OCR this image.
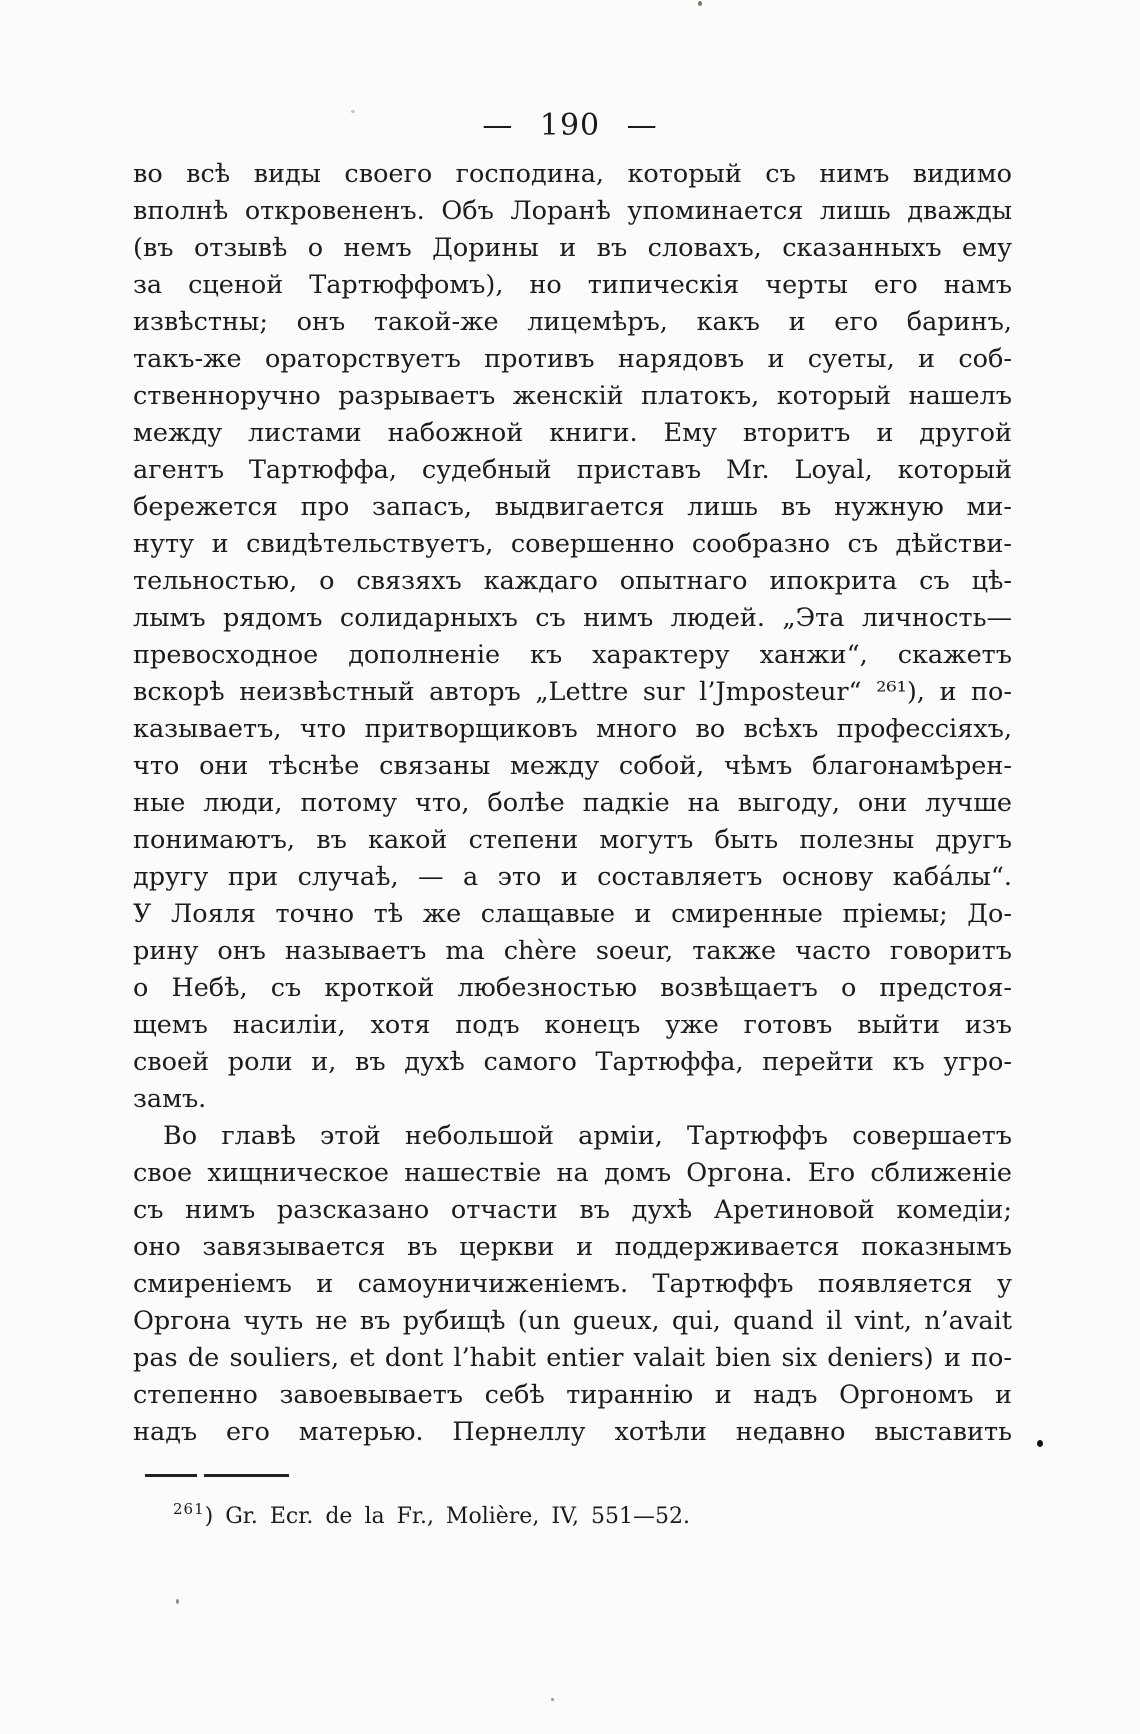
— 190 —

во всѣ виды своего господина, который съ нимъ видимо

вполнѣ откровененъ. Объ Лоранѣ упоминается лишь дважды

(въ отзывѣ о немъ Дорины и въ словахъ, сказанныхъ ему

за сценой Тартюффомъ), но типическія черты его намъ

извѣстны; онъ такой-же лицемѣръ, какъ и его баринъ,

такъ-же ораторствуетъ противъ нарядовъ и суеты, и соб-

ственноручно разрываетъ женскій платокъ, который нашелъ

между листами набожной книги. Ему вторитъ и другой

агентъ Тартюффа, судебный приставъ Mr. Loyal, который

бережется про запасъ, выдвигается лишь въ нужную ми-

нуту и свидѣтельствуетъ, совершенно сообразно съ дѣйстви-

тельностью, о связяхъ каждаго опытнаго ипокрита съ цѣ-

лымъ рядомъ солидарныхъ съ нимъ людей. „Эта личность—

превосходное дополненіе къ характеру ханжи“, скажетъ

вскорѣ неизвѣстный авторъ „Lettre sur l’Jmposteur“ ²⁶¹), и по-

казываетъ, что притворщиковъ много во всѣхъ профессіяхъ,

что они тѣснѣе связаны между собой, чѣмъ благонамѣрен-

ные люди, потому что, болѣе падкіе на выгоду, они лучше

понимаютъ, въ какой степени могутъ быть полезны другъ

другу при случаѣ, — а это и составляетъ основу каба́лы“.

У Лояля точно тѣ же слащавые и смиренные пріемы; До-

рину онъ называетъ ma chère soeur, также часто говоритъ

о Небѣ, съ кроткой любезностью возвѣщаетъ о предстоя-

щемъ насиліи, хотя подъ конецъ уже готовъ выйти изъ

своей роли и, въ духѣ самого Тартюффа, перейти къ угро-

замъ.

Во главѣ этой небольшой арміи, Тартюффъ совершаетъ

свое хищническое нашествіе на домъ Оргона. Его сближеніе

съ нимъ разсказано отчасти въ духѣ Аретиновой комедіи;

оно завязывается въ церкви и поддерживается показнымъ

смиреніемъ и самоуничиженіемъ. Тартюффъ появляется у

Оргона чуть не въ рубищѣ (un gueux, qui, quand il vint, n’avait

pas de souliers, et dont l’habit entier valait bien six deniers) и по-

степенно завоевываетъ себѣ тираннію и надъ Оргономъ и

надъ его матерью. Пернеллу хотѣли недавно выставить

$^{261}$) Gr. Ecr. de la Fr., Molière, IV, 551—52.
